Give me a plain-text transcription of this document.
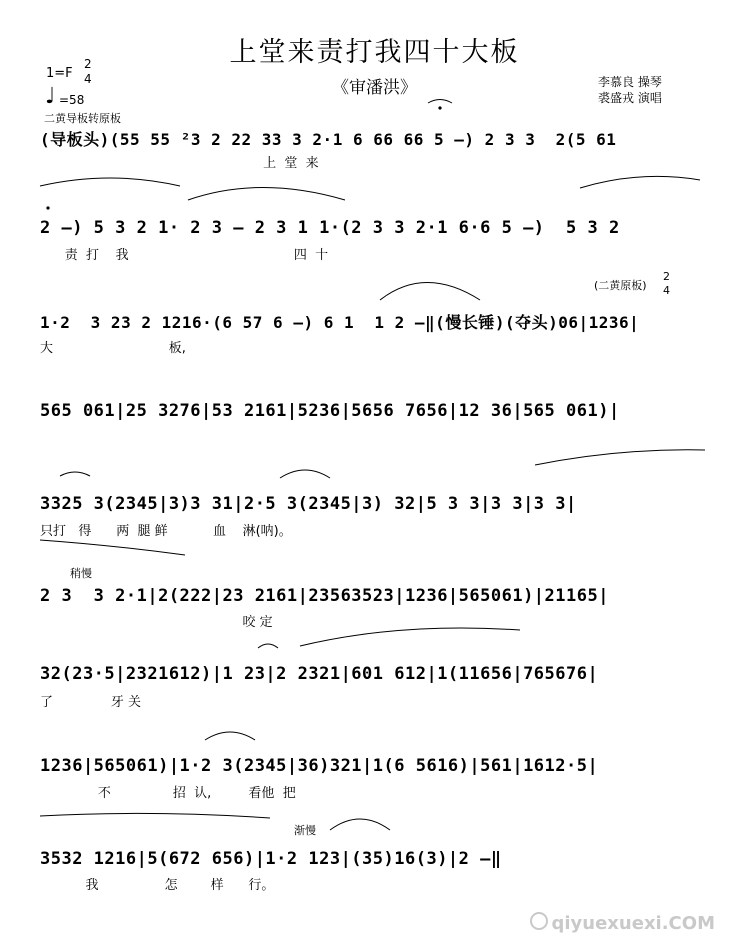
上堂来责打我四十大板
《审潘洪》	李慕良 操琴
裘盛戎 演唱
1=F
2
4
♩ =58
二黄导板转原板
(导板头)(55 55 ²3 2 22 33 3 2·1 6 66 66 5 –) 2 3 3  2(5 61
上  堂  来
2 –) 5 3 2 1· 2 3 – 2 3 1 1·(2 3 3 2·1 6·6 5 –)  5 3 2
责  打    我                                        四  十
(二黄原板)
2
4
1·2  3 23 2 1216·(6 57 6 –) 6 1  1 2 –‖(慢长锤)(夺头)06|1236|
大                            板,
565 061|25 3276|53 2161|5236|5656 7656|12 36|565 061)|
3325 3(2345|3)3 31|2·5 3(2345|3) 32|5 3 3|3 3|3 3|
只打   得      两  腿 鲜           血    淋(呐)。
稍慢
2 3  3 2·1|2(222|23 2161|23563523|1236|565061)|21165|
咬 定
32(23·5|2321612)|1 23|2 2321|601 612|1(11656|765676|
了              牙 关
1236|565061)|1·2 3(2345|36)321|1(6 5616)|561|1612·5|
不               招  认,         看他  把
渐慢
3532 1216|5(672 656)|1·2 123|(35)16(3)|2 –‖
我                怎        样      行。
qiyuexuexi.COM
